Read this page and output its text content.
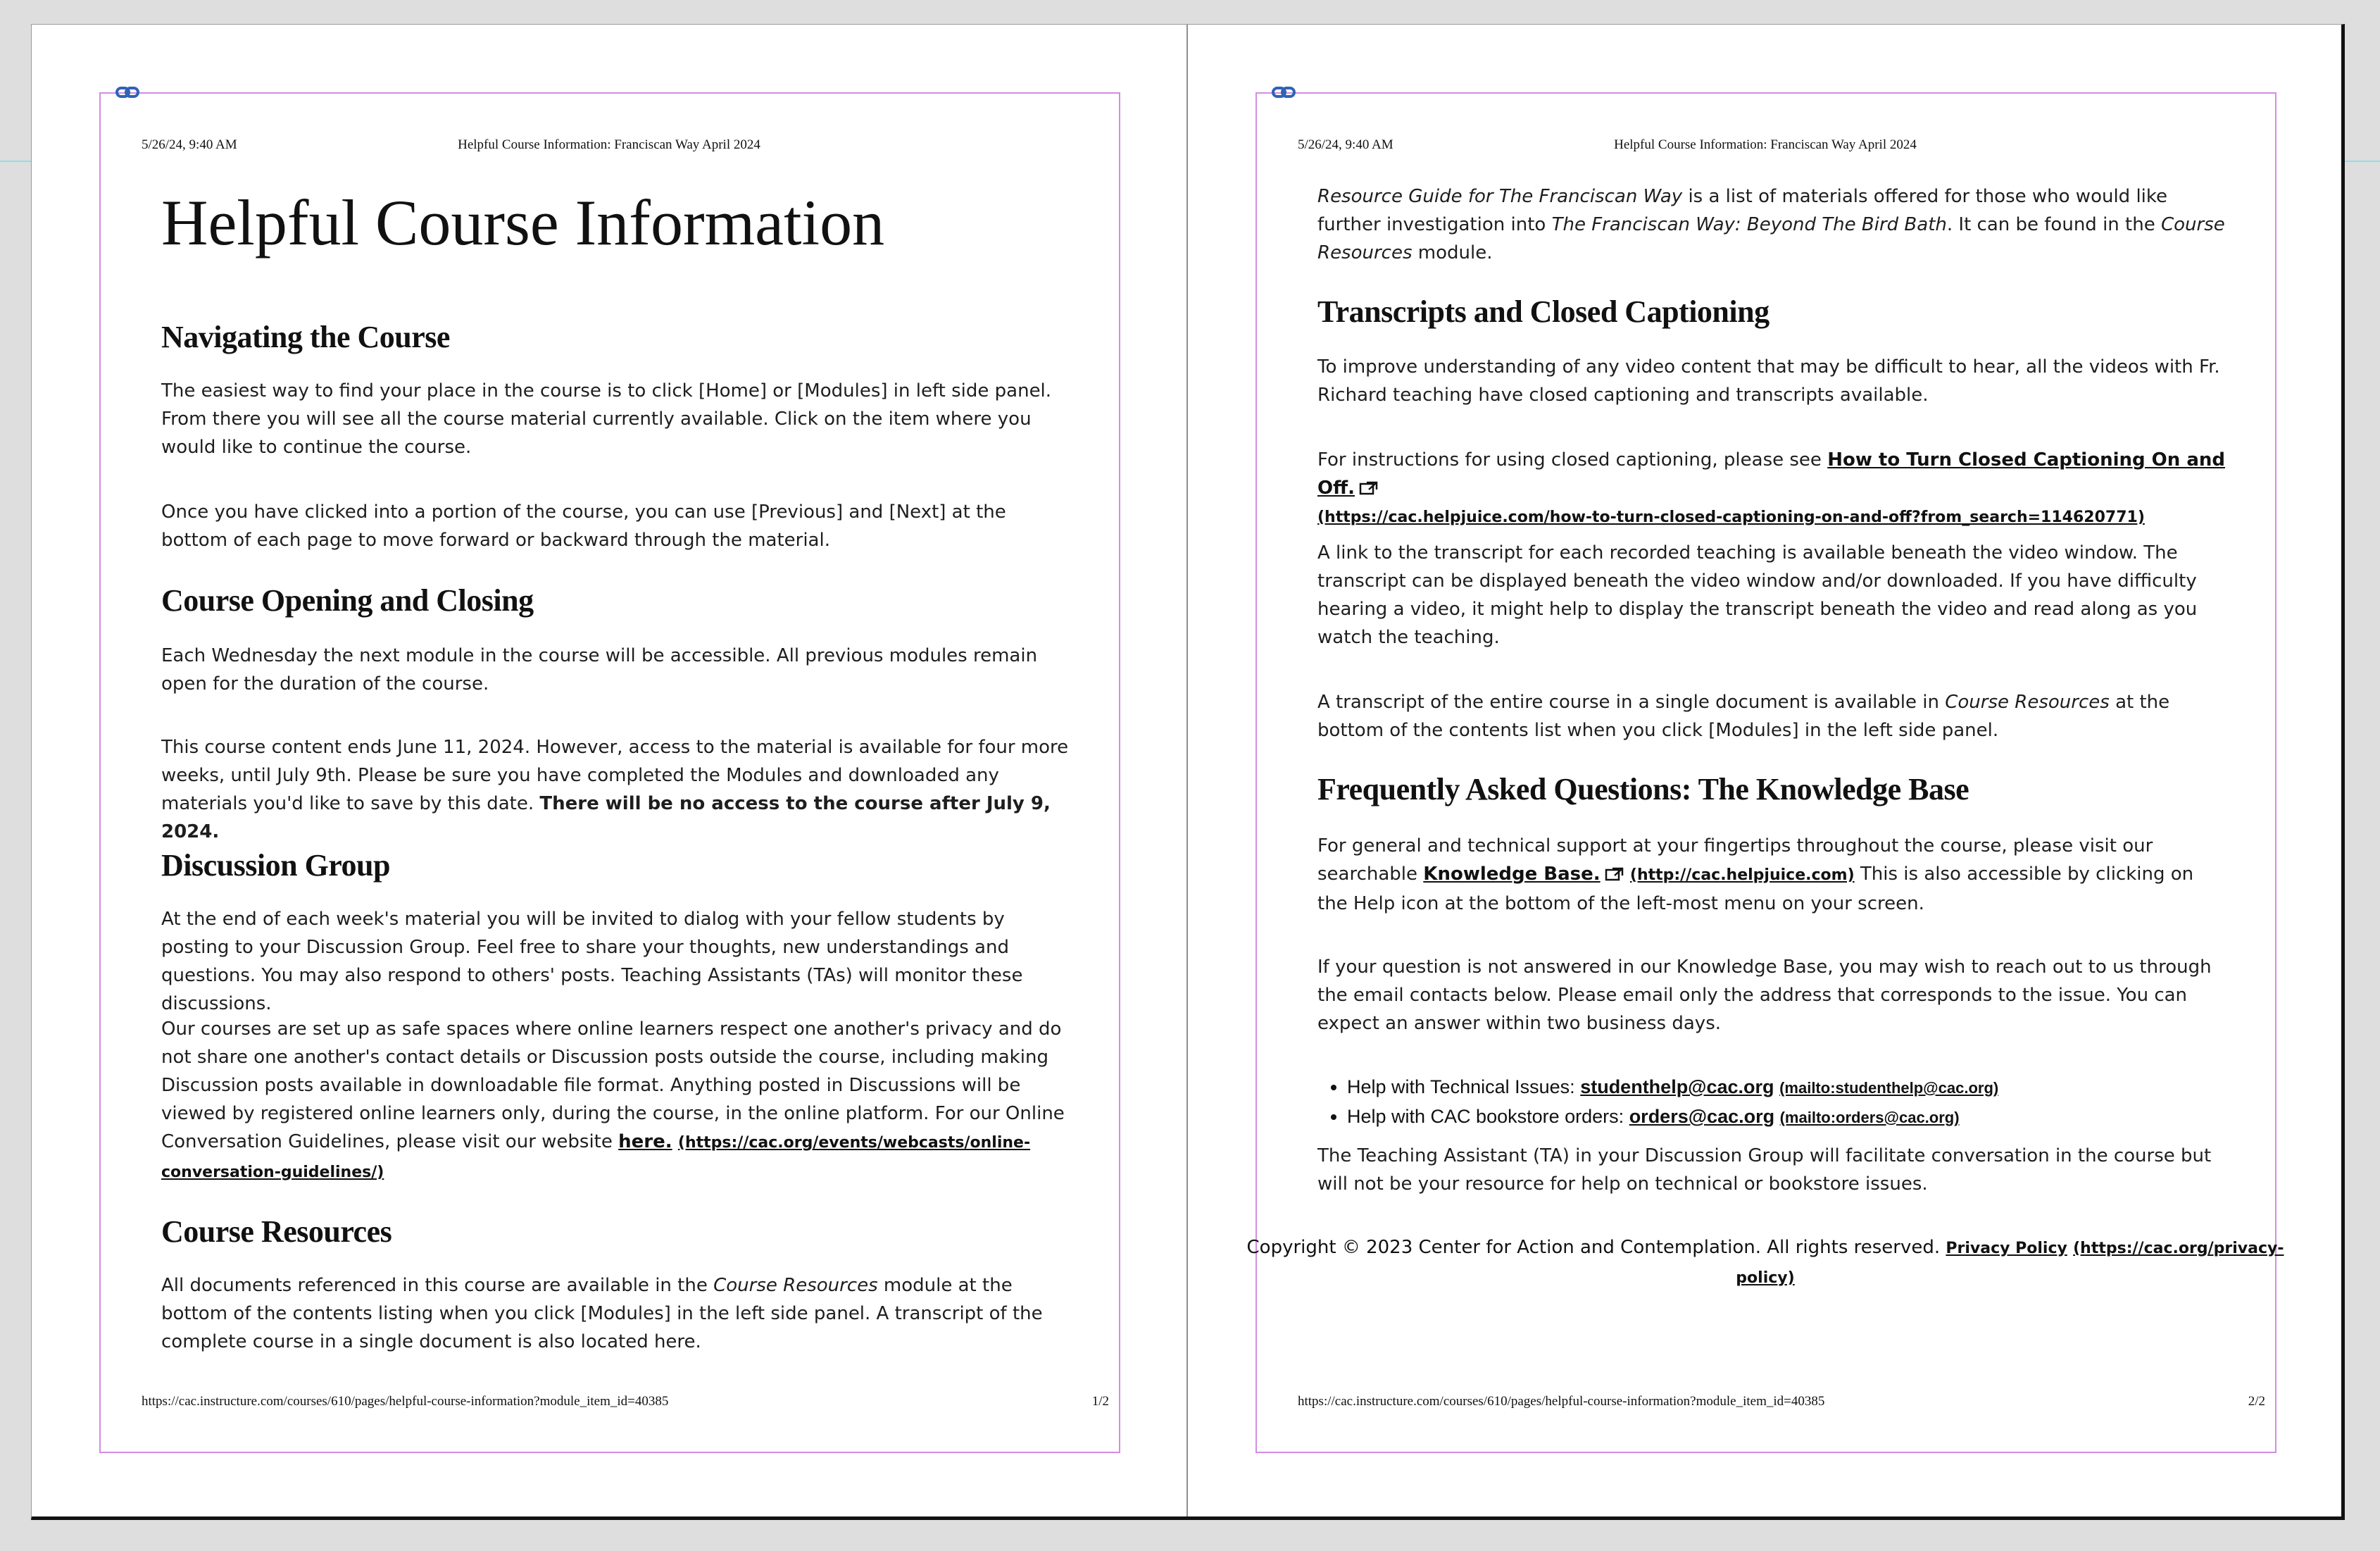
5/26/24, 9:40 AM	Helpful Course Information: Franciscan Way April 2024
Helpful Course Information
Navigating the Course

The easiest way to find your place in the course is to click [Home] or [Modules] in left side panel. From there you will see all the course material currently available. Click on the item where you would like to continue the course.

Once you have clicked into a portion of the course, you can use [Previous] and [Next] at the bottom of each page to move forward or backward through the material.

Course Opening and Closing

Each Wednesday the next module in the course will be accessible. All previous modules remain open for the duration of the course.

This course content ends June 11, 2024. However, access to the material is available for four more weeks, until July 9th. Please be sure you have completed the Modules and downloaded any materials you'd like to save by this date. There will be no access to the course after July 9, 2024.

Discussion Group

At the end of each week's material you will be invited to dialog with your fellow students by posting to your Discussion Group. Feel free to share your thoughts, new understandings and questions. You may also respond to others' posts. Teaching Assistants (TAs) will monitor these discussions.

Our courses are set up as safe spaces where online learners respect one another's privacy and do not share one another's contact details or Discussion posts outside the course, including making Discussion posts available in downloadable file format. Anything posted in Discussions will be viewed by registered online learners only, during the course, in the online platform. For our Online Conversation Guidelines, please visit our website here. (https://cac.org/events/webcasts/online-conversation-guidelines/)

Course Resources

All documents referenced in this course are available in the Course Resources module at the bottom of the contents listing when you click [Modules] in the left side panel. A transcript of the complete course in a single document is also located here.

https://cac.instructure.com/courses/610/pages/helpful-course-information?module_item_id=40385	1/2
5/26/24, 9:40 AM	Helpful Course Information: Franciscan Way April 2024

Resource Guide for The Franciscan Way is a list of materials offered for those who would like further investigation into The Franciscan Way: Beyond The Bird Bath. It can be found in the Course Resources module.

Transcripts and Closed Captioning

To improve understanding of any video content that may be difficult to hear, all the videos with Fr. Richard teaching have closed captioning and transcripts available.

For instructions for using closed captioning, please see How to Turn Closed Captioning On and Off.
(https://cac.helpjuice.com/how-to-turn-closed-captioning-on-and-off?from_search=114620771)

A link to the transcript for each recorded teaching is available beneath the video window. The transcript can be displayed beneath the video window and/or downloaded. If you have difficulty hearing a video, it might help to display the transcript beneath the video and read along as you watch the teaching.

A transcript of the entire course in a single document is available in Course Resources at the bottom of the contents list when you click [Modules] in the left side panel.

Frequently Asked Questions: The Knowledge Base

For general and technical support at your fingertips throughout the course, please visit our searchable Knowledge Base. (http://cac.helpjuice.com) This is also accessible by clicking on the Help icon at the bottom of the left-most menu on your screen.

If your question is not answered in our Knowledge Base, you may wish to reach out to us through the email contacts below. Please email only the address that corresponds to the issue. You can expect an answer within two business days.

• Help with Technical Issues: studenthelp@cac.org (mailto:studenthelp@cac.org)
• Help with CAC bookstore orders: orders@cac.org (mailto:orders@cac.org)

The Teaching Assistant (TA) in your Discussion Group will facilitate conversation in the course but will not be your resource for help on technical or bookstore issues.

Copyright © 2023 Center for Action and Contemplation. All rights reserved. Privacy Policy (https://cac.org/privacy-policy)

https://cac.instructure.com/courses/610/pages/helpful-course-information?module_item_id=40385	2/2
